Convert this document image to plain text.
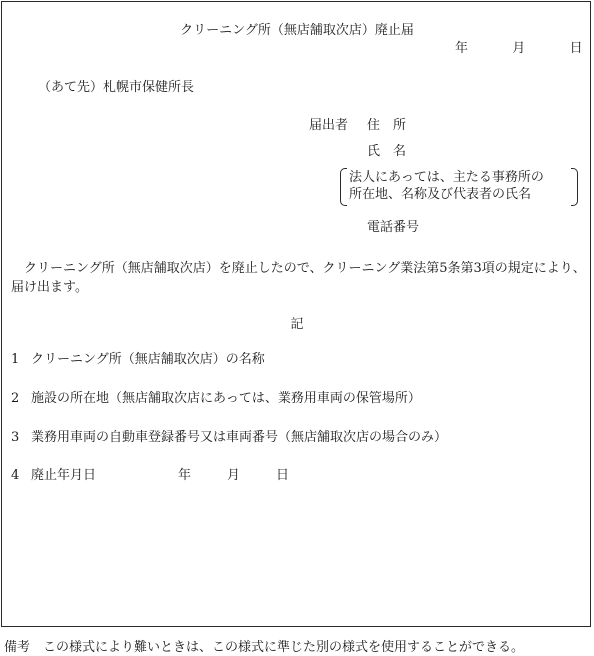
クリーニング所（無店舗取次店）廃止届
年	月	日
（あて先）札幌市保健所長
届出者 住　所
氏　名
法人にあっては、主たる事務所の
所在地、名称及び代表者の氏名
電話番号
クリーニング所（無店舗取次店）を廃止したので、クリーニング業法第5条第3項の規定により、届け出ます。
記
1 クリーニング所（無店舗取次店）の名称
2 施設の所在地（無店舗取次店にあっては、業務用車両の保管場所）
3 業務用車両の自動車登録番号又は車両番号（無店舗取次店の場合のみ）
4 廃止年月日	年	月	日
備考　この様式により難いときは、この様式に準じた別の様式を使用することができる。
